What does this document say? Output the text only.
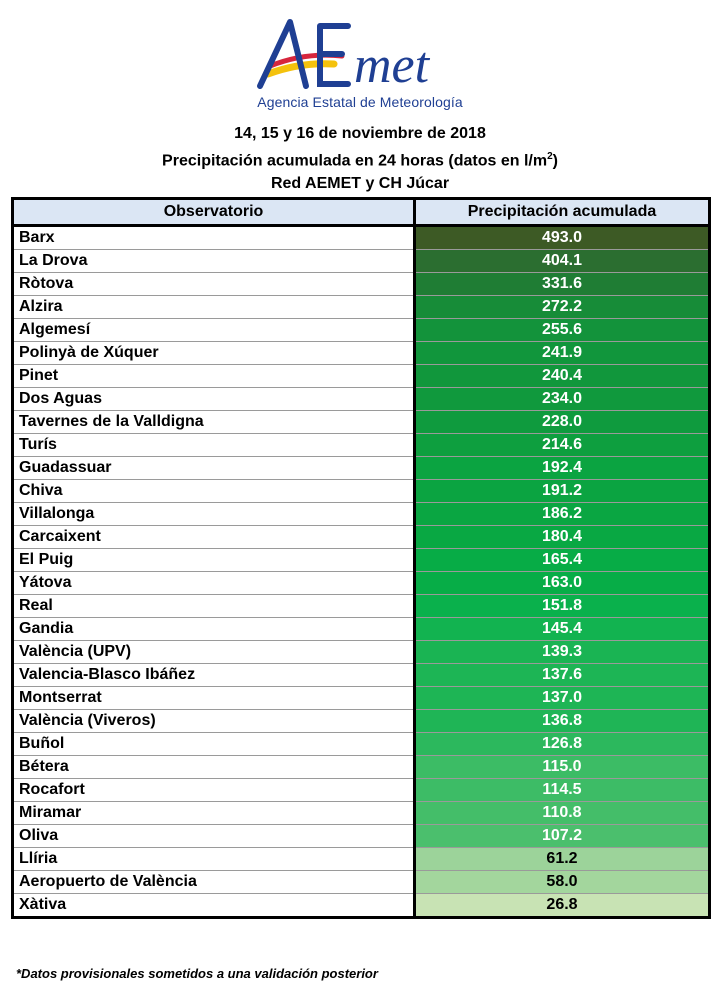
met
Agencia Estatal de Meteorología
14, 15 y 16 de noviembre de 2018
Precipitación acumulada en 24 horas (datos en $l/m^2$)
Red AEMET y CH Júcar
Observatorio	Precipitación acumulada
Barx	493.0
La Drova	404.1
Ròtova	331.6
Alzira	272.2
Algemesí	255.6
Polinyà de Xúquer	241.9
Pinet	240.4
Dos Aguas	234.0
Tavernes de la Valldigna	228.0
Turís	214.6
Guadassuar	192.4
Chiva	191.2
Villalonga	186.2
Carcaixent	180.4
El Puig	165.4
Yátova	163.0
Real	151.8
Gandia	145.4
València (UPV)	139.3
Valencia-Blasco Ibáñez	137.6
Montserrat	137.0
València (Viveros)	136.8
Buñol	126.8
Bétera	115.0
Rocafort	114.5
Miramar	110.8
Oliva	107.2
Llíria	61.2
Aeropuerto de València	58.0
Xàtiva	26.8
*Datos provisionales sometidos a una validación posterior
